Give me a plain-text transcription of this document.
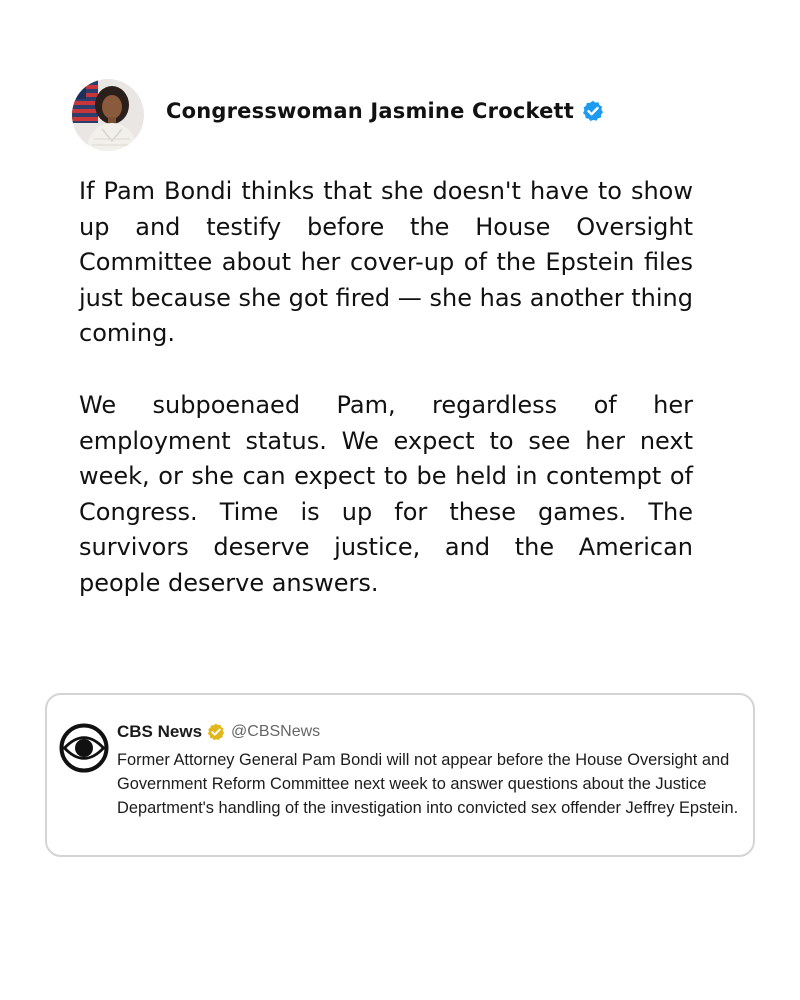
Congresswoman Jasmine Crockett

If Pam Bondi thinks that she doesn't have to show up and testify before the House Oversight Committee about her cover-up of the Epstein files just because she got fired — she has another thing coming.

We subpoenaed Pam, regardless of her employment status. We expect to see her next week, or she can expect to be held in contempt of Congress. Time is up for these games. The survivors deserve justice, and the American people deserve answers.

CBS News @CBSNews
Former Attorney General Pam Bondi will not appear before the House Oversight and Government Reform Committee next week to answer questions about the Justice Department's handling of the investigation into convicted sex offender Jeffrey Epstein.
